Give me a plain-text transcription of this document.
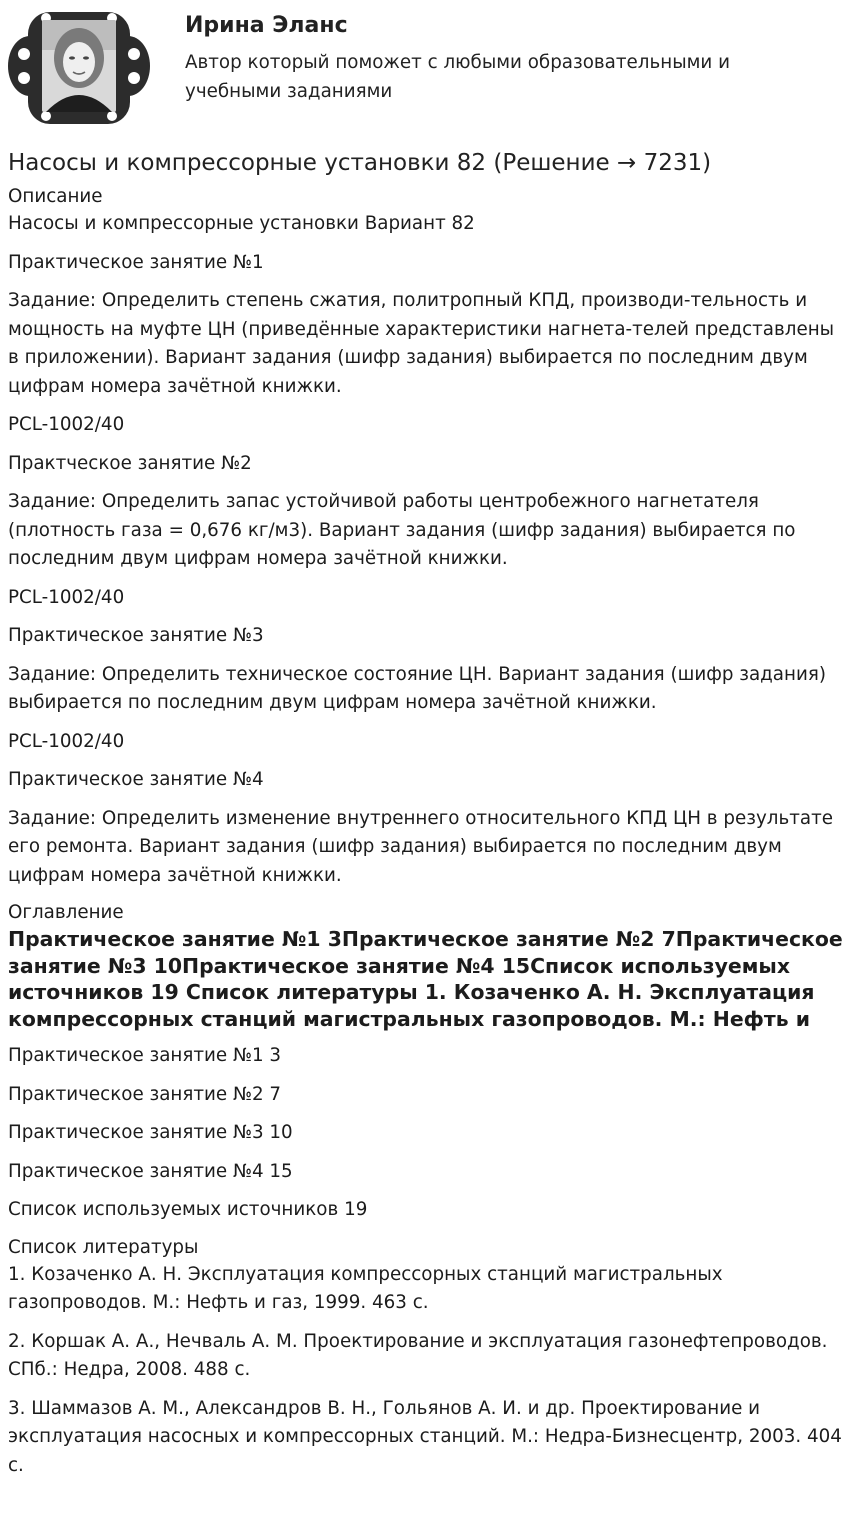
Ирина Эланс
Автор который поможет с любыми образовательными и учебными заданиями
Насосы и компрессорные установки 82 (Решение → 7231)

Описание

Насосы и компрессорные установки Вариант 82

Практическое занятие №1

Задание: Определить степень сжатия, политропный КПД, производи-тельность и мощность на муфте ЦН (приведённые характеристики нагнета-телей представлены в приложении). Вариант задания (шифр задания) выбирается по последним двум цифрам номера зачётной книжки.

PCL-1002/40

Практческое занятие №2

Задание: Определить запас устойчивой работы центробежного нагнетателя (плотность газа = 0,676 кг/м3). Вариант задания (шифр задания) выбирается по последним двум цифрам номера зачётной книжки.

PCL-1002/40

Практическое занятие №3

Задание: Определить техническое состояние ЦН. Вариант задания (шифр задания) выбирается по последним двум цифрам номера зачётной книжки.

PCL-1002/40

Практическое занятие №4

Задание: Определить изменение внутреннего относительного КПД ЦН в результате его ремонта. Вариант задания (шифр задания) выбирается по последним двум цифрам номера зачётной книжки.

Оглавление

Практическое занятие №1 3Практическое занятие №2 7Практическое занятие №3 10Практическое занятие №4 15Список используемых источников 19 Список литературы 1. Козаченко А. Н. Эксплуатация компрессорных станций магистральных газопроводов. М.: Нефть и

Практическое занятие №1 3

Практическое занятие №2 7

Практическое занятие №3 10

Практическое занятие №4 15

Список используемых источников 19

Список литературы

1. Козаченко А. Н. Эксплуатация компрессорных станций магистральных газопроводов. М.: Нефть и газ, 1999. 463 с.

2. Коршак А. А., Нечваль А. М. Проектирование и эксплуатация газонефтепроводов. СПб.: Недра, 2008. 488 с.

3. Шаммазов А. М., Александров В. Н., Гольянов А. И. и др. Проектирование и эксплуатация насосных и компрессорных станций. М.: Недра-Бизнесцентр, 2003. 404 с.
